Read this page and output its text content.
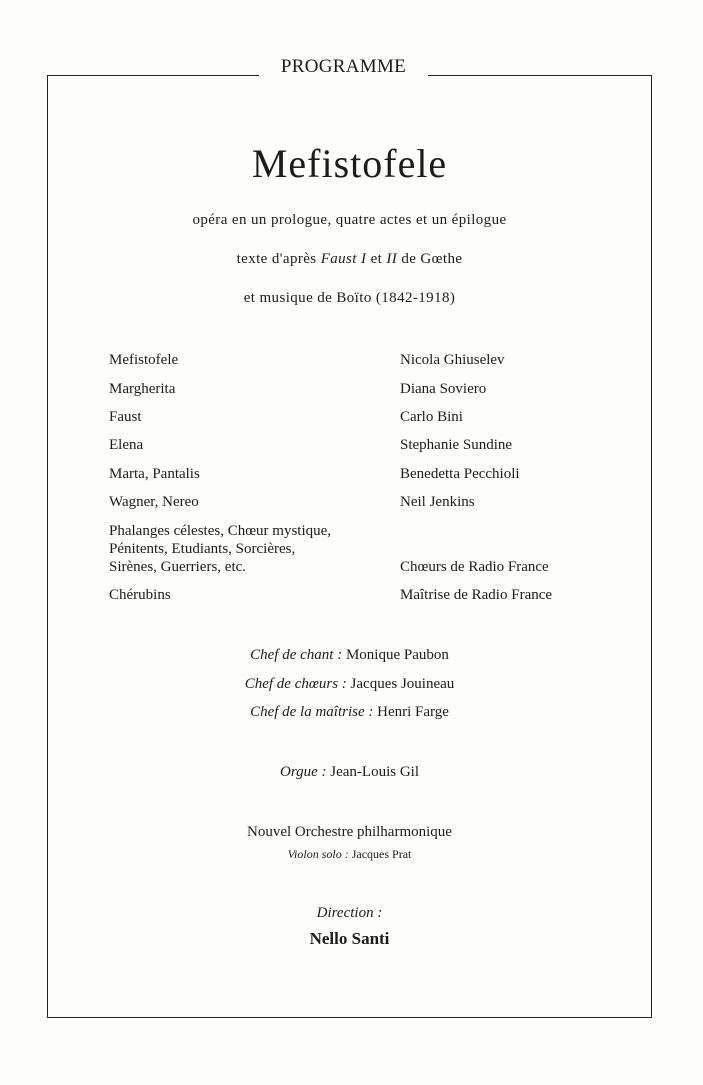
PROGRAMME
Mefistofele
opéra en un prologue, quatre actes et un épilogue
texte d'après Faust I et II de Gœthe
et musique de Boïto (1842-1918)
Mefistofele	Nicola Ghiuselev
Margherita	Diana Soviero
Faust	Carlo Bini
Elena	Stephanie Sundine
Marta, Pantalis	Benedetta Pecchioli
Wagner, Nereo	Neil Jenkins
Phalanges célestes, Chœur mystique,
Pénitents, Etudiants, Sorcières,
Sirènes, Guerriers, etc.	Chœurs de Radio France
Chérubins	Maîtrise de Radio France
Chef de chant : Monique Paubon
Chef de chœurs : Jacques Jouineau
Chef de la maîtrise : Henri Farge
Orgue : Jean-Louis Gil
Nouvel Orchestre philharmonique
Violon solo : Jacques Prat
Direction :
Nello Santi
